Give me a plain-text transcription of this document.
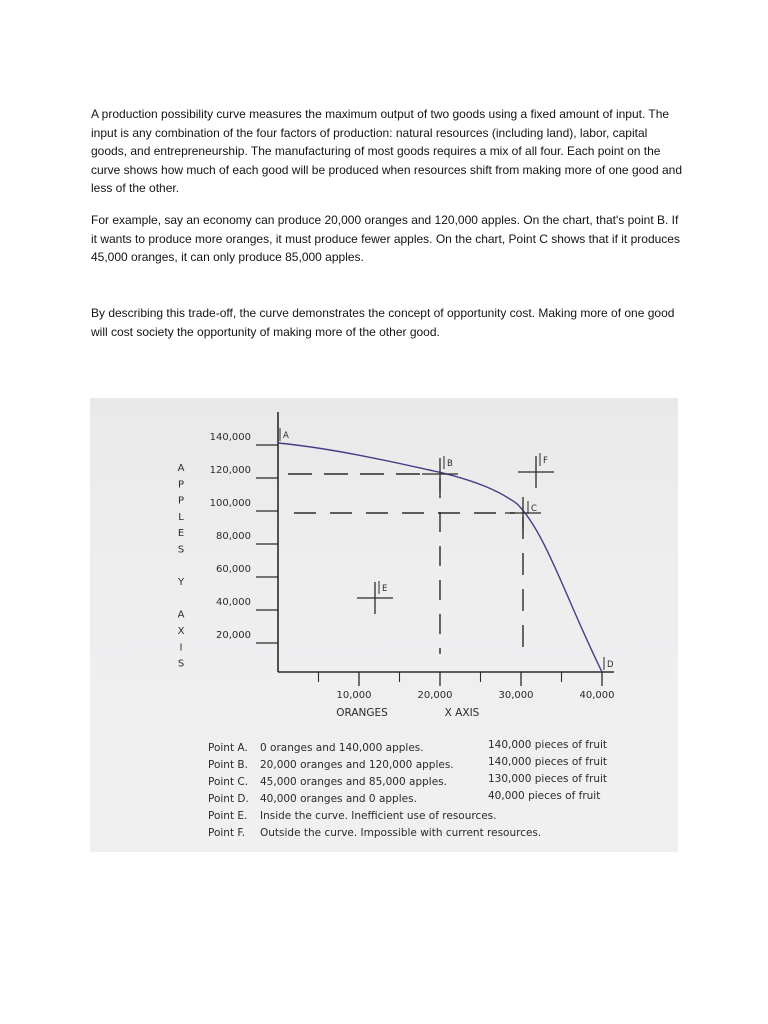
A production possibility curve measures the maximum output of two goods using a fixed amount of input. The input is any combination of the four factors of production: natural resources (including land), labor, capital goods, and entrepreneurship. The manufacturing of most goods requires a mix of all four. Each point on the curve shows how much of each good will be produced when resources shift from making more of one good and less of the other.

For example, say an economy can produce 20,000 oranges and 120,000 apples. On the chart, that's point B. If it wants to produce more oranges, it must produce fewer apples. On the chart, Point C shows that if it produces 45,000 oranges, it can only produce 85,000 apples.

By describing this trade-off, the curve demonstrates the concept of opportunity cost. Making more of one good will cost society the opportunity of making more of the other good.

140,000
120,000
100,000
80,000
60,000
40,000
20,000
10,000	20,000	30,000	40,000
ORANGES	X AXIS
A
P
P
L
E
S
Y
A
X
I
S
A
B
C
D
E
F
Point A. 0 oranges and 140,000 apples.	140,000 pieces of fruit
Point B. 20,000 oranges and 120,000 apples.	140,000 pieces of fruit
Point C. 45,000 oranges and 85,000 apples.	130,000 pieces of fruit
Point D. 40,000 oranges and 0 apples.	40,000 pieces of fruit
Point E. Inside the curve. Inefficient use of resources.
Point F. Outside the curve. Impossible with current resources.
